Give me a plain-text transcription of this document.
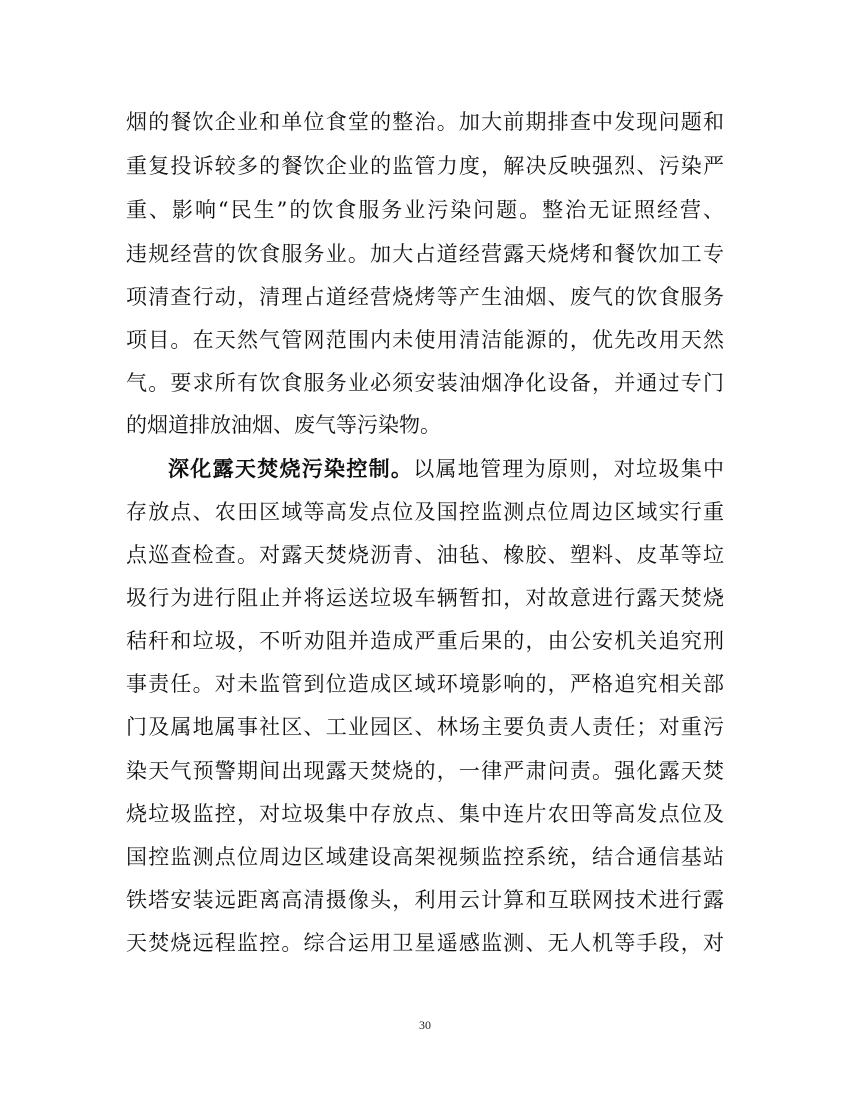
烟的餐饮企业和单位食堂的整治。加大前期排查中发现问题和
重复投诉较多的餐饮企业的监管力度，解决反映强烈、污染严
重、影响“民生”的饮食服务业污染问题。整治无证照经营、
违规经营的饮食服务业。加大占道经营露天烧烤和餐饮加工专
项清查行动，清理占道经营烧烤等产生油烟、废气的饮食服务
项目。在天然气管网范围内未使用清洁能源的，优先改用天然
气。要求所有饮食服务业必须安装油烟净化设备，并通过专门
的烟道排放油烟、废气等污染物。
深化露天焚烧污染控制。以属地管理为原则，对垃圾集中
存放点、农田区域等高发点位及国控监测点位周边区域实行重
点巡查检查。对露天焚烧沥青、油毡、橡胶、塑料、皮革等垃
圾行为进行阻止并将运送垃圾车辆暂扣，对故意进行露天焚烧
秸秆和垃圾，不听劝阻并造成严重后果的，由公安机关追究刑
事责任。对未监管到位造成区域环境影响的，严格追究相关部
门及属地属事社区、工业园区、林场主要负责人责任；对重污
染天气预警期间出现露天焚烧的，一律严肃问责。强化露天焚
烧垃圾监控，对垃圾集中存放点、集中连片农田等高发点位及
国控监测点位周边区域建设高架视频监控系统，结合通信基站
铁塔安装远距离高清摄像头，利用云计算和互联网技术进行露
天焚烧远程监控。综合运用卫星遥感监测、无人机等手段，对
30
